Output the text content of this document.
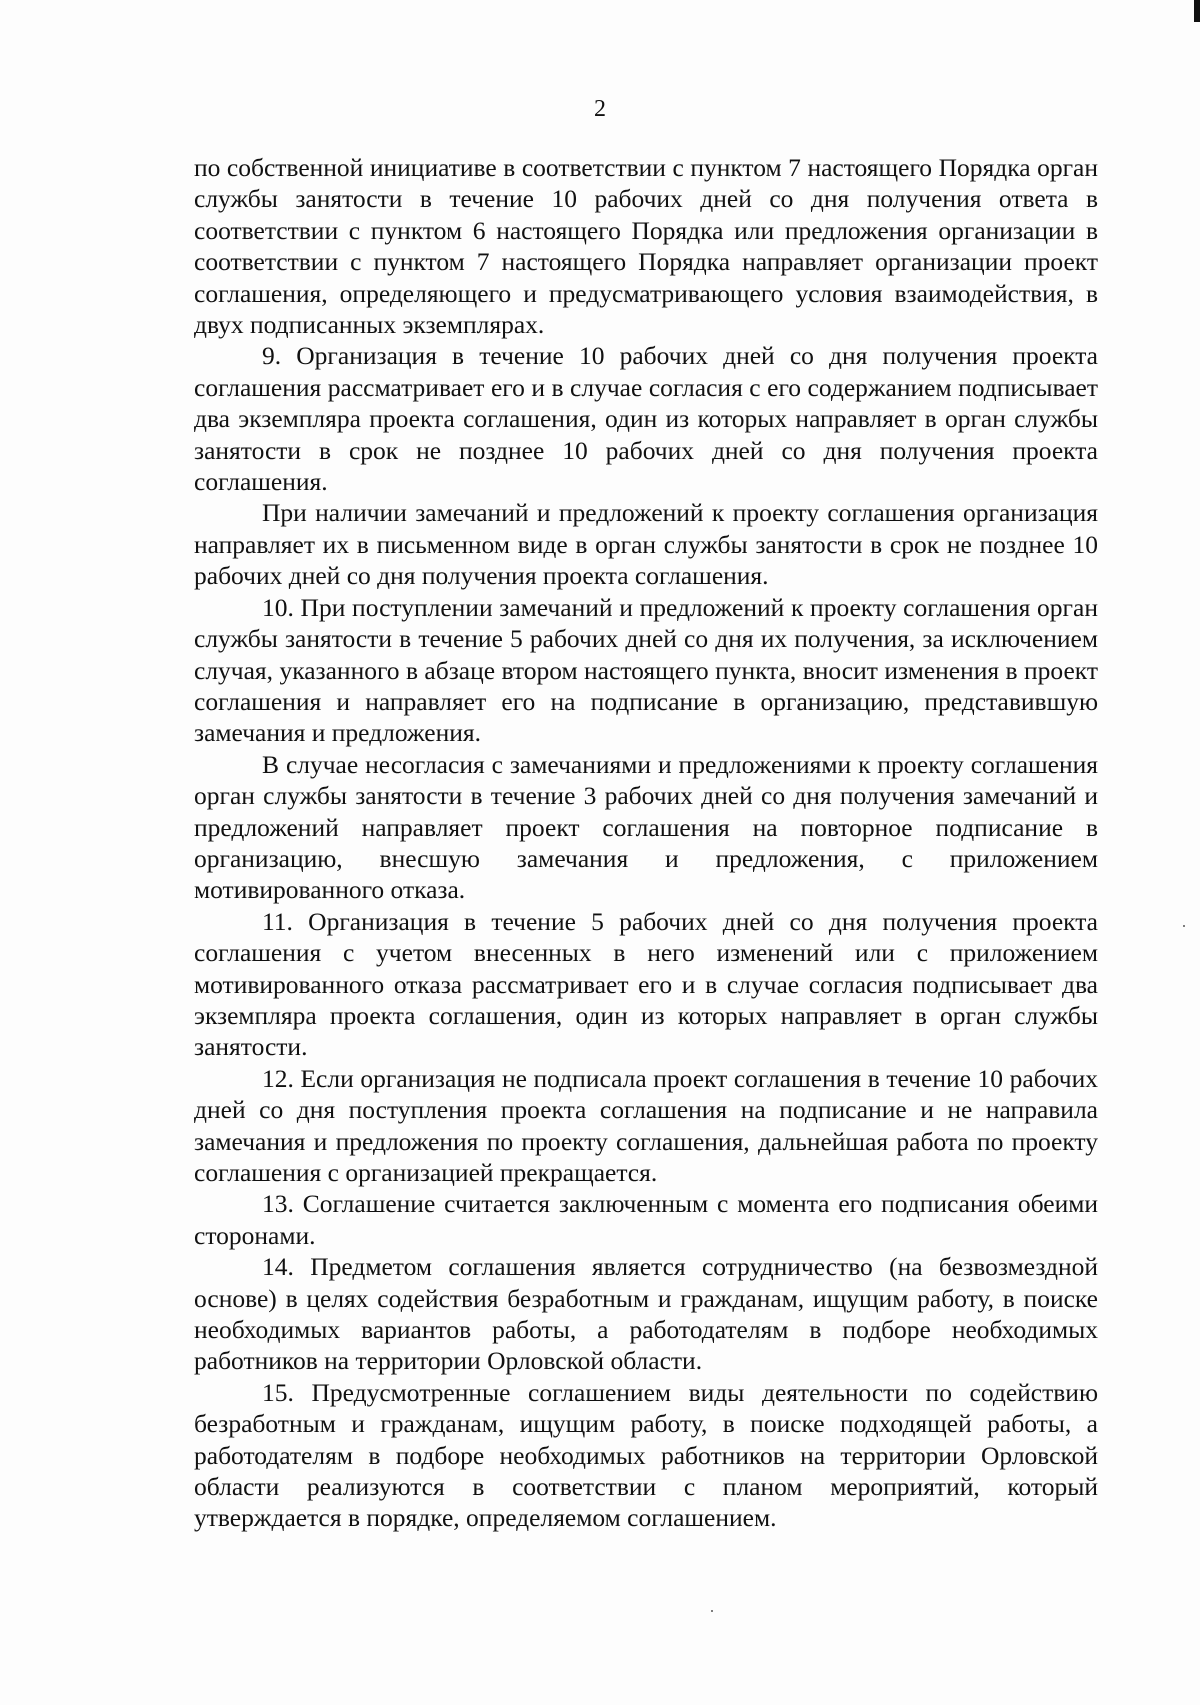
2

по собственной инициативе в соответствии с пунктом 7 настоящего Порядка орган службы занятости в течение 10 рабочих дней со дня получения ответа в соответствии с пунктом 6 настоящего Порядка или предложения организации в соответствии с пунктом 7 настоящего Порядка направляет организации проект соглашения, определяющего и предусматривающего условия взаимодействия, в двух подписанных экземплярах.

9. Организация в течение 10 рабочих дней со дня получения проекта соглашения рассматривает его и в случае согласия с его содержанием подписывает два экземпляра проекта соглашения, один из которых направляет в орган службы занятости в срок не позднее 10 рабочих дней со дня получения проекта соглашения.

При наличии замечаний и предложений к проекту соглашения организация направляет их в письменном виде в орган службы занятости в срок не позднее 10 рабочих дней со дня получения проекта соглашения.

10. При поступлении замечаний и предложений к проекту соглашения орган службы занятости в течение 5 рабочих дней со дня их получения, за исключением случая, указанного в абзаце втором настоящего пункта, вносит изменения в проект соглашения и направляет его на подписание в организацию, представившую замечания и предложения.

В случае несогласия с замечаниями и предложениями к проекту соглашения орган службы занятости в течение 3 рабочих дней со дня получения замечаний и предложений направляет проект соглашения на повторное подписание в организацию, внесшую замечания и предложения, с приложением мотивированного отказа.

11. Организация в течение 5 рабочих дней со дня получения проекта соглашения с учетом внесенных в него изменений или с приложением мотивированного отказа рассматривает его и в случае согласия подписывает два экземпляра проекта соглашения, один из которых направляет в орган службы занятости.

12. Если организация не подписала проект соглашения в течение 10 рабочих дней со дня поступления проекта соглашения на подписание и не направила замечания и предложения по проекту соглашения, дальнейшая работа по проекту соглашения с организацией прекращается.

13. Соглашение считается заключенным с момента его подписания обеими сторонами.

14. Предметом соглашения является сотрудничество (на безвозмездной основе) в целях содействия безработным и гражданам, ищущим работу, в поиске необходимых вариантов работы, а работодателям в подборе необходимых работников на территории Орловской области.

15. Предусмотренные соглашением виды деятельности по содействию безработным и гражданам, ищущим работу, в поиске подходящей работы, а работодателям в подборе необходимых работников на территории Орловской области реализуются в соответствии с планом мероприятий, который утверждается в порядке, определяемом соглашением.
